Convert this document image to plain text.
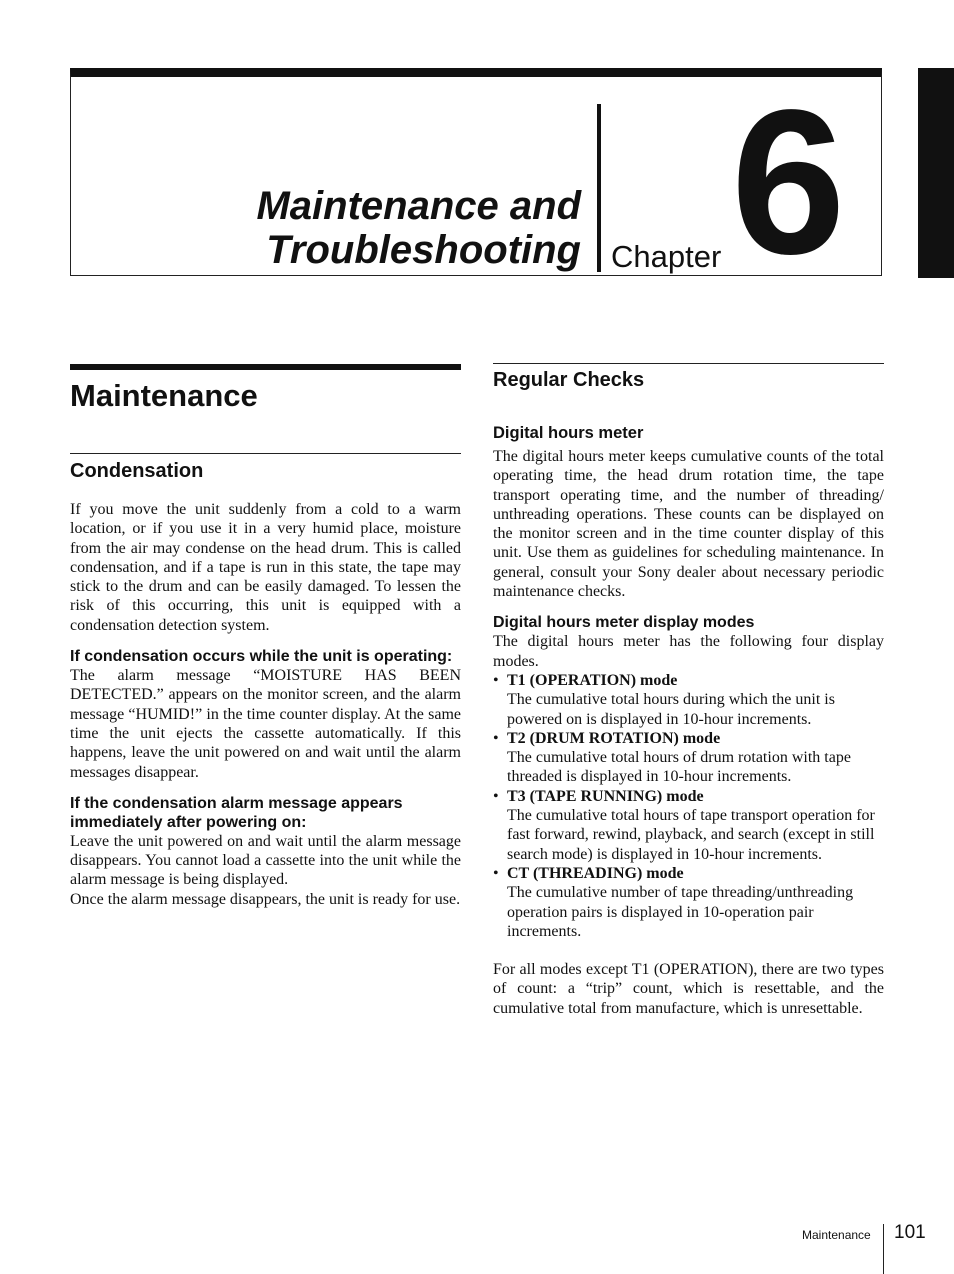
Maintenance and
Troubleshooting Chapter 6
Maintenance
Condensation

If you move the unit suddenly from a cold to a warm location, or if you use it in a very humid place, moisture from the air may condense on the head drum. This is called condensation, and if a tape is run in this state, the tape may stick to the drum and can be easily damaged. To lessen the risk of this occurring, this unit is equipped with a condensation detection system.

If condensation occurs while the unit is operating:

The alarm message “MOISTURE HAS BEEN DETECTED.” appears on the monitor screen, and the alarm message “HUMID!” in the time counter display. At the same time the unit ejects the cassette automatically. If this happens, leave the unit powered on and wait until the alarm messages disappear.

If the condensation alarm message appears immediately after powering on:

Leave the unit powered on and wait until the alarm message disappears. You cannot load a cassette into the unit while the alarm message is being displayed.

Once the alarm message disappears, the unit is ready for use.

Regular Checks
Digital hours meter

The digital hours meter keeps cumulative counts of the total operating time, the head drum rotation time, the tape transport operating time, and the number of threading/ unthreading operations. These counts can be displayed on the monitor screen and in the time counter display of this unit. Use them as guidelines for scheduling maintenance. In general, consult your Sony dealer about necessary periodic maintenance checks.

Digital hours meter display modes

The digital hours meter has the following four display modes.

• T1 (OPERATION) mode
The cumulative total hours during which the unit is powered on is displayed in 10-hour increments.
• T2 (DRUM ROTATION) mode
The cumulative total hours of drum rotation with tape threaded is displayed in 10-hour increments.
• T3 (TAPE RUNNING) mode
The cumulative total hours of tape transport operation for fast forward, rewind, playback, and search (except in still search mode) is displayed in 10-hour increments.
• CT (THREADING) mode
The cumulative number of tape threading/unthreading operation pairs is displayed in 10-operation pair increments.

For all modes except T1 (OPERATION), there are two types of count: a “trip” count, which is resettable, and the cumulative total from manufacture, which is unresettable.

Maintenance 101
